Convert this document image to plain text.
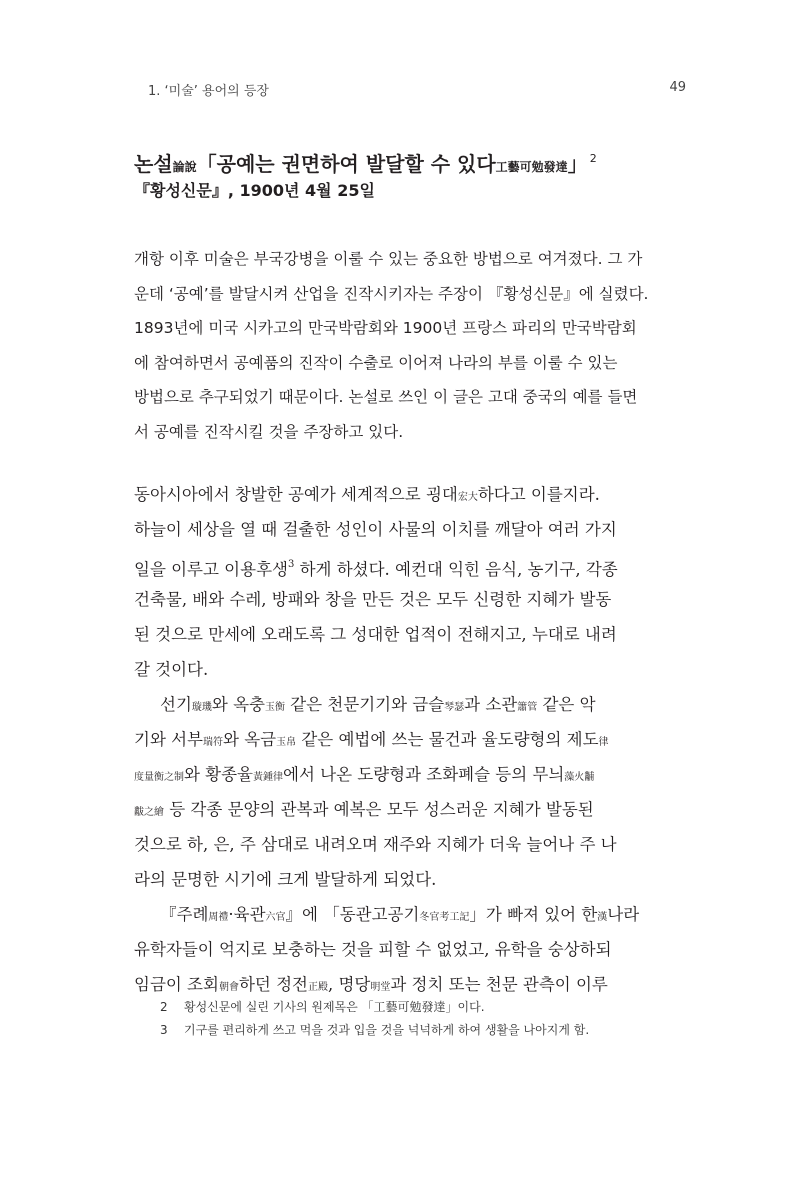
1. ‘미술’ 용어의 등장	49
논설論說「공예는 권면하여 발달할 수 있다工藝可勉發達」 $^2$
『황성신문』, 1900년 4월 25일
개항 이후 미술은 부국강병을 이룰 수 있는 중요한 방법으로 여겨졌다. 그 가
운데 ‘공예’를 발달시켜 산업을 진작시키자는 주장이 『황성신문』에 실렸다.
1893년에 미국 시카고의 만국박람회와 1900년 프랑스 파리의 만국박람회
에 참여하면서 공예품의 진작이 수출로 이어져 나라의 부를 이룰 수 있는
방법으로 추구되었기 때문이다. 논설로 쓰인 이 글은 고대 중국의 예를 들면
서 공예를 진작시킬 것을 주장하고 있다.
동아시아에서 창발한 공예가 세계적으로 굉대宏大하다고 이를지라.
하늘이 세상을 열 때 걸출한 성인이 사물의 이치를 깨달아 여러 가지
일을 이루고 이용후생$^3$ 하게 하셨다. 예컨대 익힌 음식, 농기구, 각종
건축물, 배와 수레, 방패와 창을 만든 것은 모두 신령한 지혜가 발동
된 것으로 만세에 오래도록 그 성대한 업적이 전해지고, 누대로 내려
갈 것이다.
선기璇璣와 옥충玉衡 같은 천문기기와 금슬琴瑟과 소관簫管 같은 악
기와 서부瑞符와 옥금玉帛 같은 예법에 쓰는 물건과 율도량형의 제도律
度量衡之制와 황종율黃鍾律에서 나온 도량형과 조화폐슬 등의 무늬藻火黼
黻之繪 등 각종 문양의 관복과 예복은 모두 성스러운 지혜가 발동된
것으로 하, 은, 주 삼대로 내려오며 재주와 지혜가 더욱 늘어나 주 나
라의 문명한 시기에 크게 발달하게 되었다.
『주례周禮·육관六官』에 「동관고공기冬官考工記」가 빠져 있어 한漢나라
유학자들이 억지로 보충하는 것을 피할 수 없었고, 유학을 숭상하되
임금이 조회朝會하던 정전正殿, 명당明堂과 정치 또는 천문 관측이 이루
2 황성신문에 실린 기사의 원제목은 「工藝可勉發達」이다.
3 기구를 편리하게 쓰고 먹을 것과 입을 것을 넉넉하게 하여 생활을 나아지게 함.
